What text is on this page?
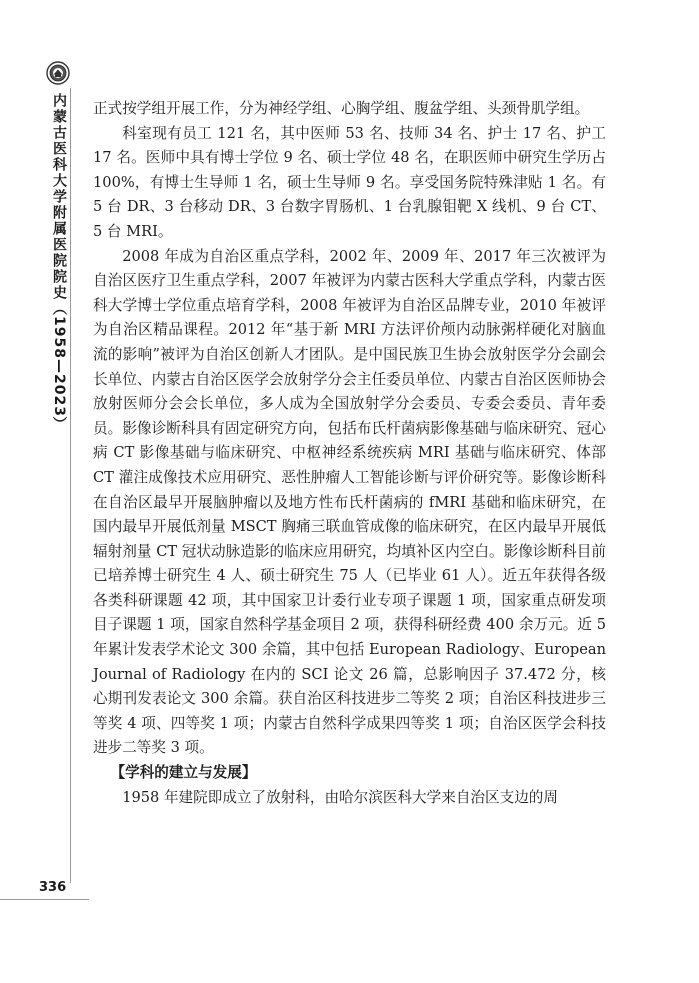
内蒙古医科大学附属医院院史（1958—2023）
336

正式按学组开展工作，分为神经学组、心胸学组、腹盆学组、头颈骨肌学组。

科室现有员工 121 名，其中医师 53 名、技师 34 名、护士 17 名、护工 17 名。医师中具有博士学位 9 名、硕士学位 48 名，在职医师中研究生学历占 100%，有博士生导师 1 名，硕士生导师 9 名。享受国务院特殊津贴 1 名。有 5 台 DR、3 台移动 DR、3 台数字胃肠机、1 台乳腺钼靶 X 线机、9 台 CT、5 台 MRI。

2008 年成为自治区重点学科，2002 年、2009 年、2017 年三次被评为自治区医疗卫生重点学科，2007 年被评为内蒙古医科大学重点学科，内蒙古医科大学博士学位重点培育学科，2008 年被评为自治区品牌专业，2010 年被评为自治区精品课程。2012 年“基于新 MRI 方法评价颅内动脉粥样硬化对脑血流的影响”被评为自治区创新人才团队。是中国民族卫生协会放射医学分会副会长单位、内蒙古自治区医学会放射学分会主任委员单位、内蒙古自治区医师协会放射医师分会会长单位，多人成为全国放射学分会委员、专委会委员、青年委员。影像诊断科具有固定研究方向，包括布氏杆菌病影像基础与临床研究、冠心病 CT 影像基础与临床研究、中枢神经系统疾病 MRI 基础与临床研究、体部 CT 灌注成像技术应用研究、恶性肿瘤人工智能诊断与评价研究等。影像诊断科在自治区最早开展脑肿瘤以及地方性布氏杆菌病的 fMRI 基础和临床研究，在国内最早开展低剂量 MSCT 胸痛三联血管成像的临床研究，在区内最早开展低辐射剂量 CT 冠状动脉造影的临床应用研究，均填补区内空白。影像诊断科目前已培养博士研究生 4 人、硕士研究生 75 人（已毕业 61 人）。近五年获得各级各类科研课题 42 项，其中国家卫计委行业专项子课题 1 项，国家重点研发项目子课题 1 项，国家自然科学基金项目 2 项，获得科研经费 400 余万元。近 5 年累计发表学术论文 300 余篇，其中包括 European Radiology、European Journal of Radiology 在内的 SCI 论文 26 篇，总影响因子 37.472 分，核心期刊发表论文 300 余篇。获自治区科技进步二等奖 2 项；自治区科技进步三等奖 4 项、四等奖 1 项；内蒙古自然科学成果四等奖 1 项；自治区医学会科技进步二等奖 3 项。

【学科的建立与发展】

1958 年建院即成立了放射科，由哈尔滨医科大学来自治区支边的周
